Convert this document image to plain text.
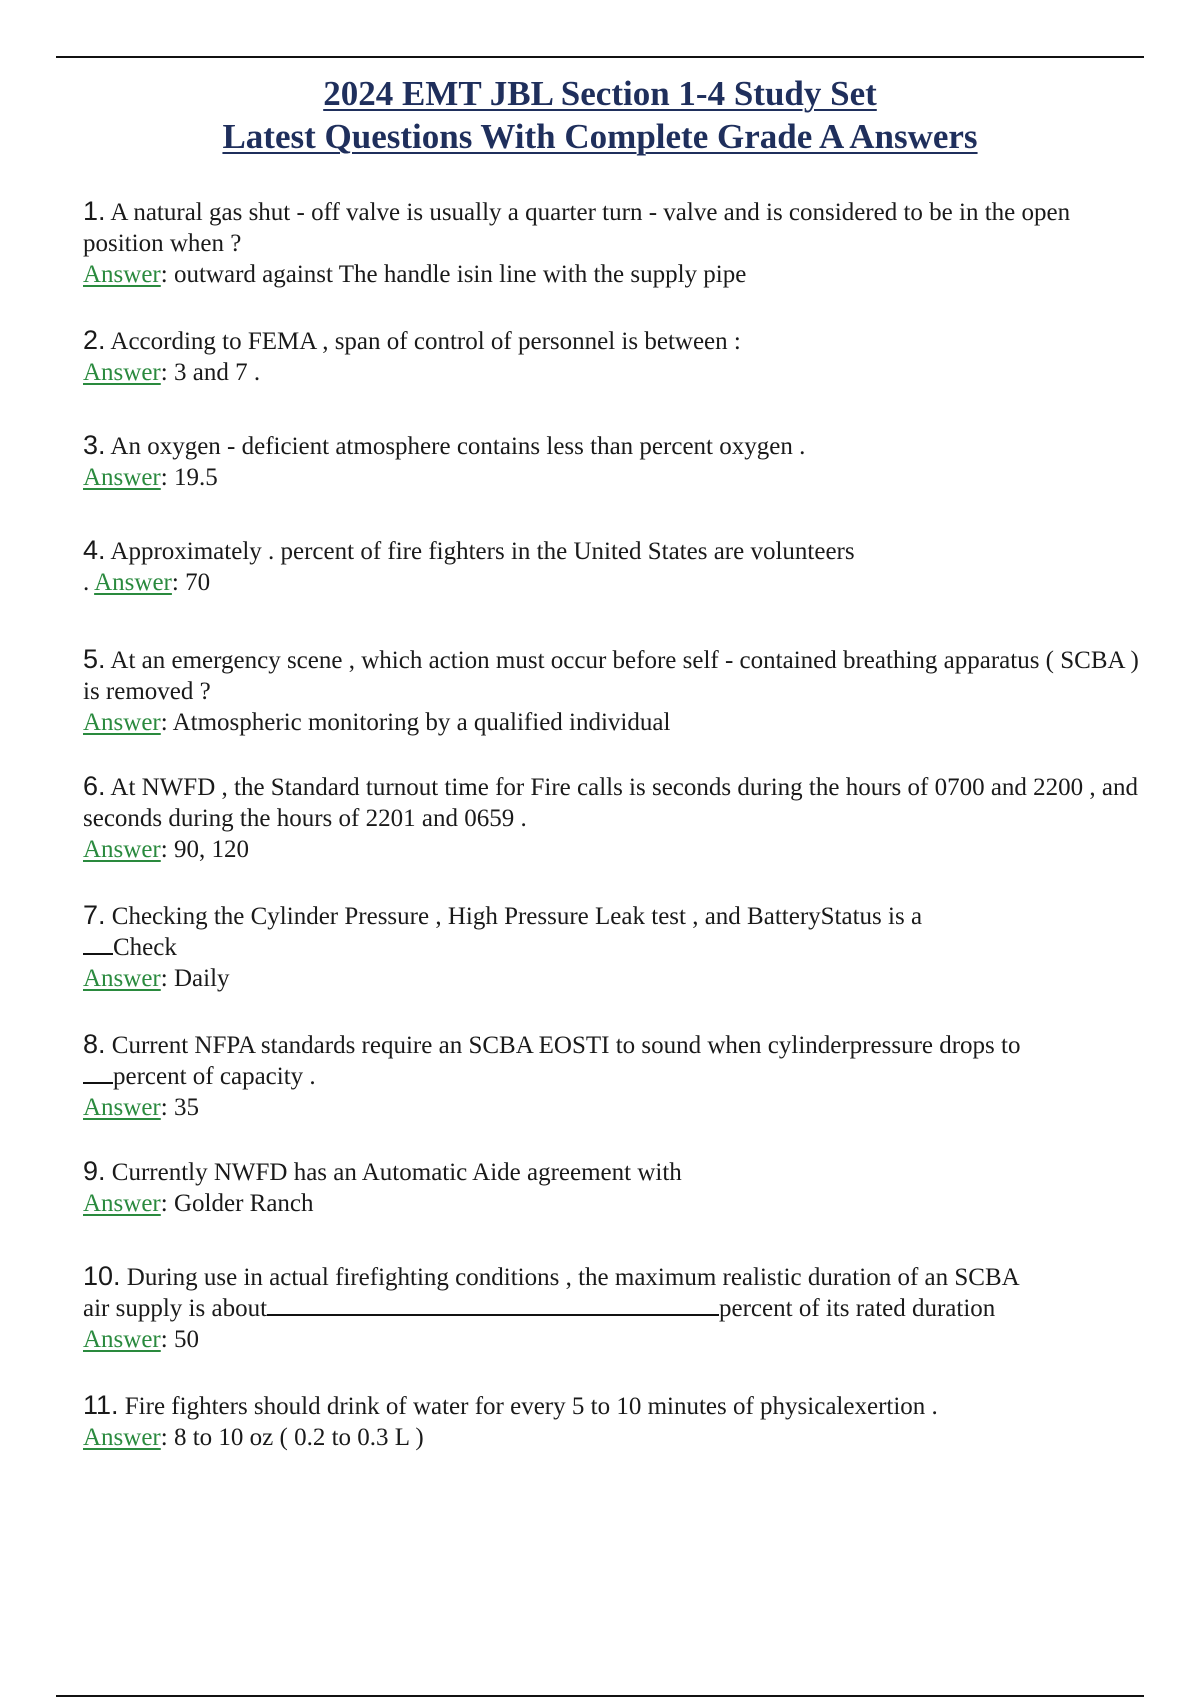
2024 EMT JBL Section 1-4 Study Set
Latest Questions With Complete Grade A Answers
1. A natural gas shut - off valve is usually a quarter turn - valve and is considered to be in the open position when ?
Answer: outward against The handle isin line with the supply pipe
2. According to FEMA , span of control of personnel is between :
Answer: 3 and 7 .
3. An oxygen - deficient atmosphere contains less than percent oxygen .
Answer: 19.5
4. Approximately . percent of fire fighters in the United States are volunteers
. Answer: 70
5. At an emergency scene , which action must occur before self - contained breathing apparatus ( SCBA ) is removed ?
Answer: Atmospheric monitoring by a qualified individual
6. At NWFD , the Standard turnout time for Fire calls is seconds during the hours of 0700 and 2200 , and seconds during the hours of 2201 and 0659 .
Answer: 90, 120
7. Checking the Cylinder Pressure , High Pressure Leak test , and BatteryStatus is a
Check
Answer: Daily
8. Current NFPA standards require an SCBA EOSTI to sound when cylinderpressure drops to
percent of capacity .
Answer: 35
9. Currently NWFD has an Automatic Aide agreement with
Answer: Golder Ranch
10. During use in actual firefighting conditions , the maximum realistic duration of an SCBA
air supply is about	percent of its rated duration
Answer: 50
11. Fire fighters should drink of water for every 5 to 10 minutes of physicalexertion .
Answer: 8 to 10 oz ( 0.2 to 0.3 L )
